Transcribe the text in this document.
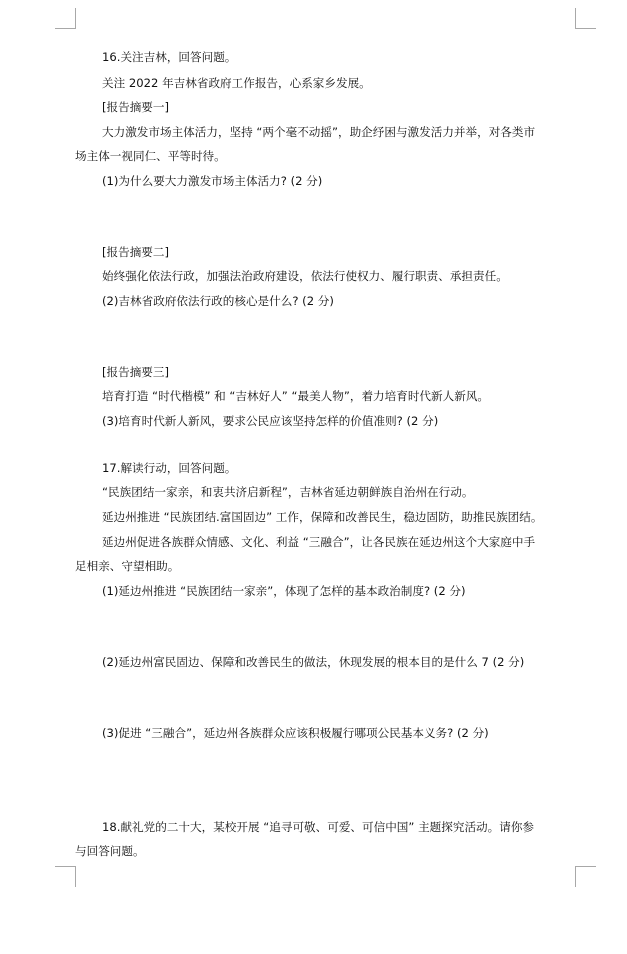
16.关注吉林，回答问题。
关注 2022 年吉林省政府工作报告，心系家乡发展。
[报告摘要一]
大力激发市场主体活力，坚持 “两个毫不动摇”，助企纾困与激发活力并举，对各类市
场主体一视同仁、平等时待。
(1)为什么要大力激发市场主体活力? (2 分)
[报告摘要二]
始终强化依法行政，加强法治政府建设，依法行使权力、履行职责、承担责任。
(2)吉林省政府依法行政的核心是什么? (2 分)
[报告摘要三]
培育打造 “时代楷模” 和 “吉林好人” “最美人物”，着力培育时代新人新风。
(3)培育时代新人新风，要求公民应该坚持怎样的价值准则? (2 分)
17.解读行动，回答问题。
“民族团结一家亲，和衷共济启新程”，吉林省延边朝鲜族自治州在行动。
延边州推进 “民族团结.富国固边” 工作，保障和改善民生，稳边固防，助推民族团结。
延边州促进各族群众情感、文化、利益 “三融合”，让各民族在延边州这个大家庭中手
足相亲、守望相助。
(1)延边州推进 “民族团结一家亲”，体现了怎样的基本政治制度? (2 分)
(2)延边州富民固边、保障和改善民生的做法，休现发展的根本目的是什么 7 (2 分)
(3)促进 “三融合”，延边州各族群众应该积极履行哪项公民基本义务? (2 分)
18.献礼党的二十大，某校开展 “追寻可敬、可爱、可信中国” 主题探究活动。请你参
与回答问题。
